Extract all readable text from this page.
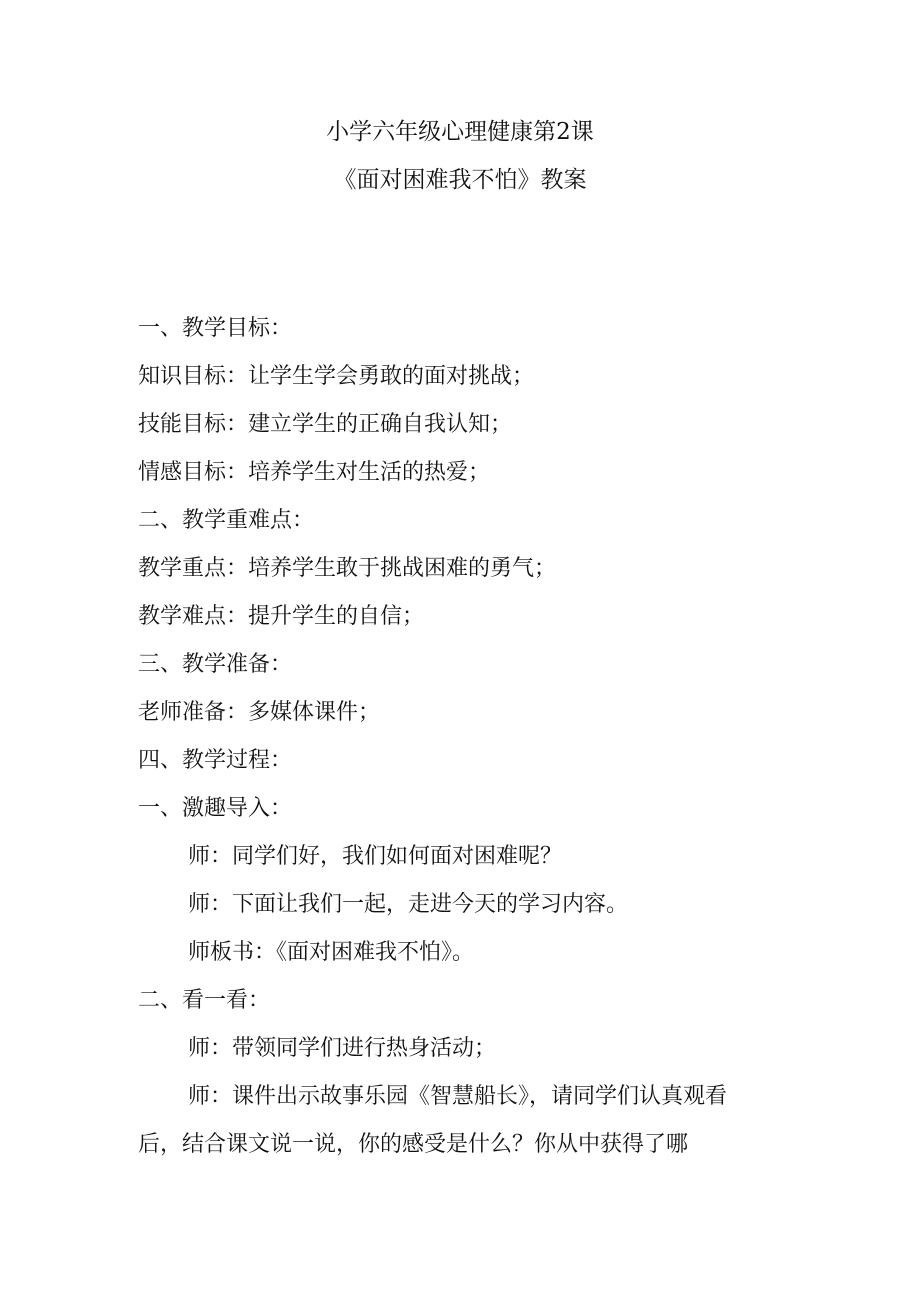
小学六年级心理健康第2课
《面对困难我不怕》教案
一、教学目标：
知识目标：让学生学会勇敢的面对挑战；
技能目标：建立学生的正确自我认知；
情感目标：培养学生对生活的热爱；
二、教学重难点：
教学重点：培养学生敢于挑战困难的勇气；
教学难点：提升学生的自信；
三、教学准备：
老师准备：多媒体课件；
四、教学过程：
一、激趣导入：
师：同学们好，我们如何面对困难呢？
师：下面让我们一起，走进今天的学习内容。
师板书：《面对困难我不怕》。
二、看一看：
师：带领同学们进行热身活动；
师：课件出示故事乐园《智慧船长》，请同学们认真观看
后，结合课文说一说，你的感受是什么？你从中获得了哪
